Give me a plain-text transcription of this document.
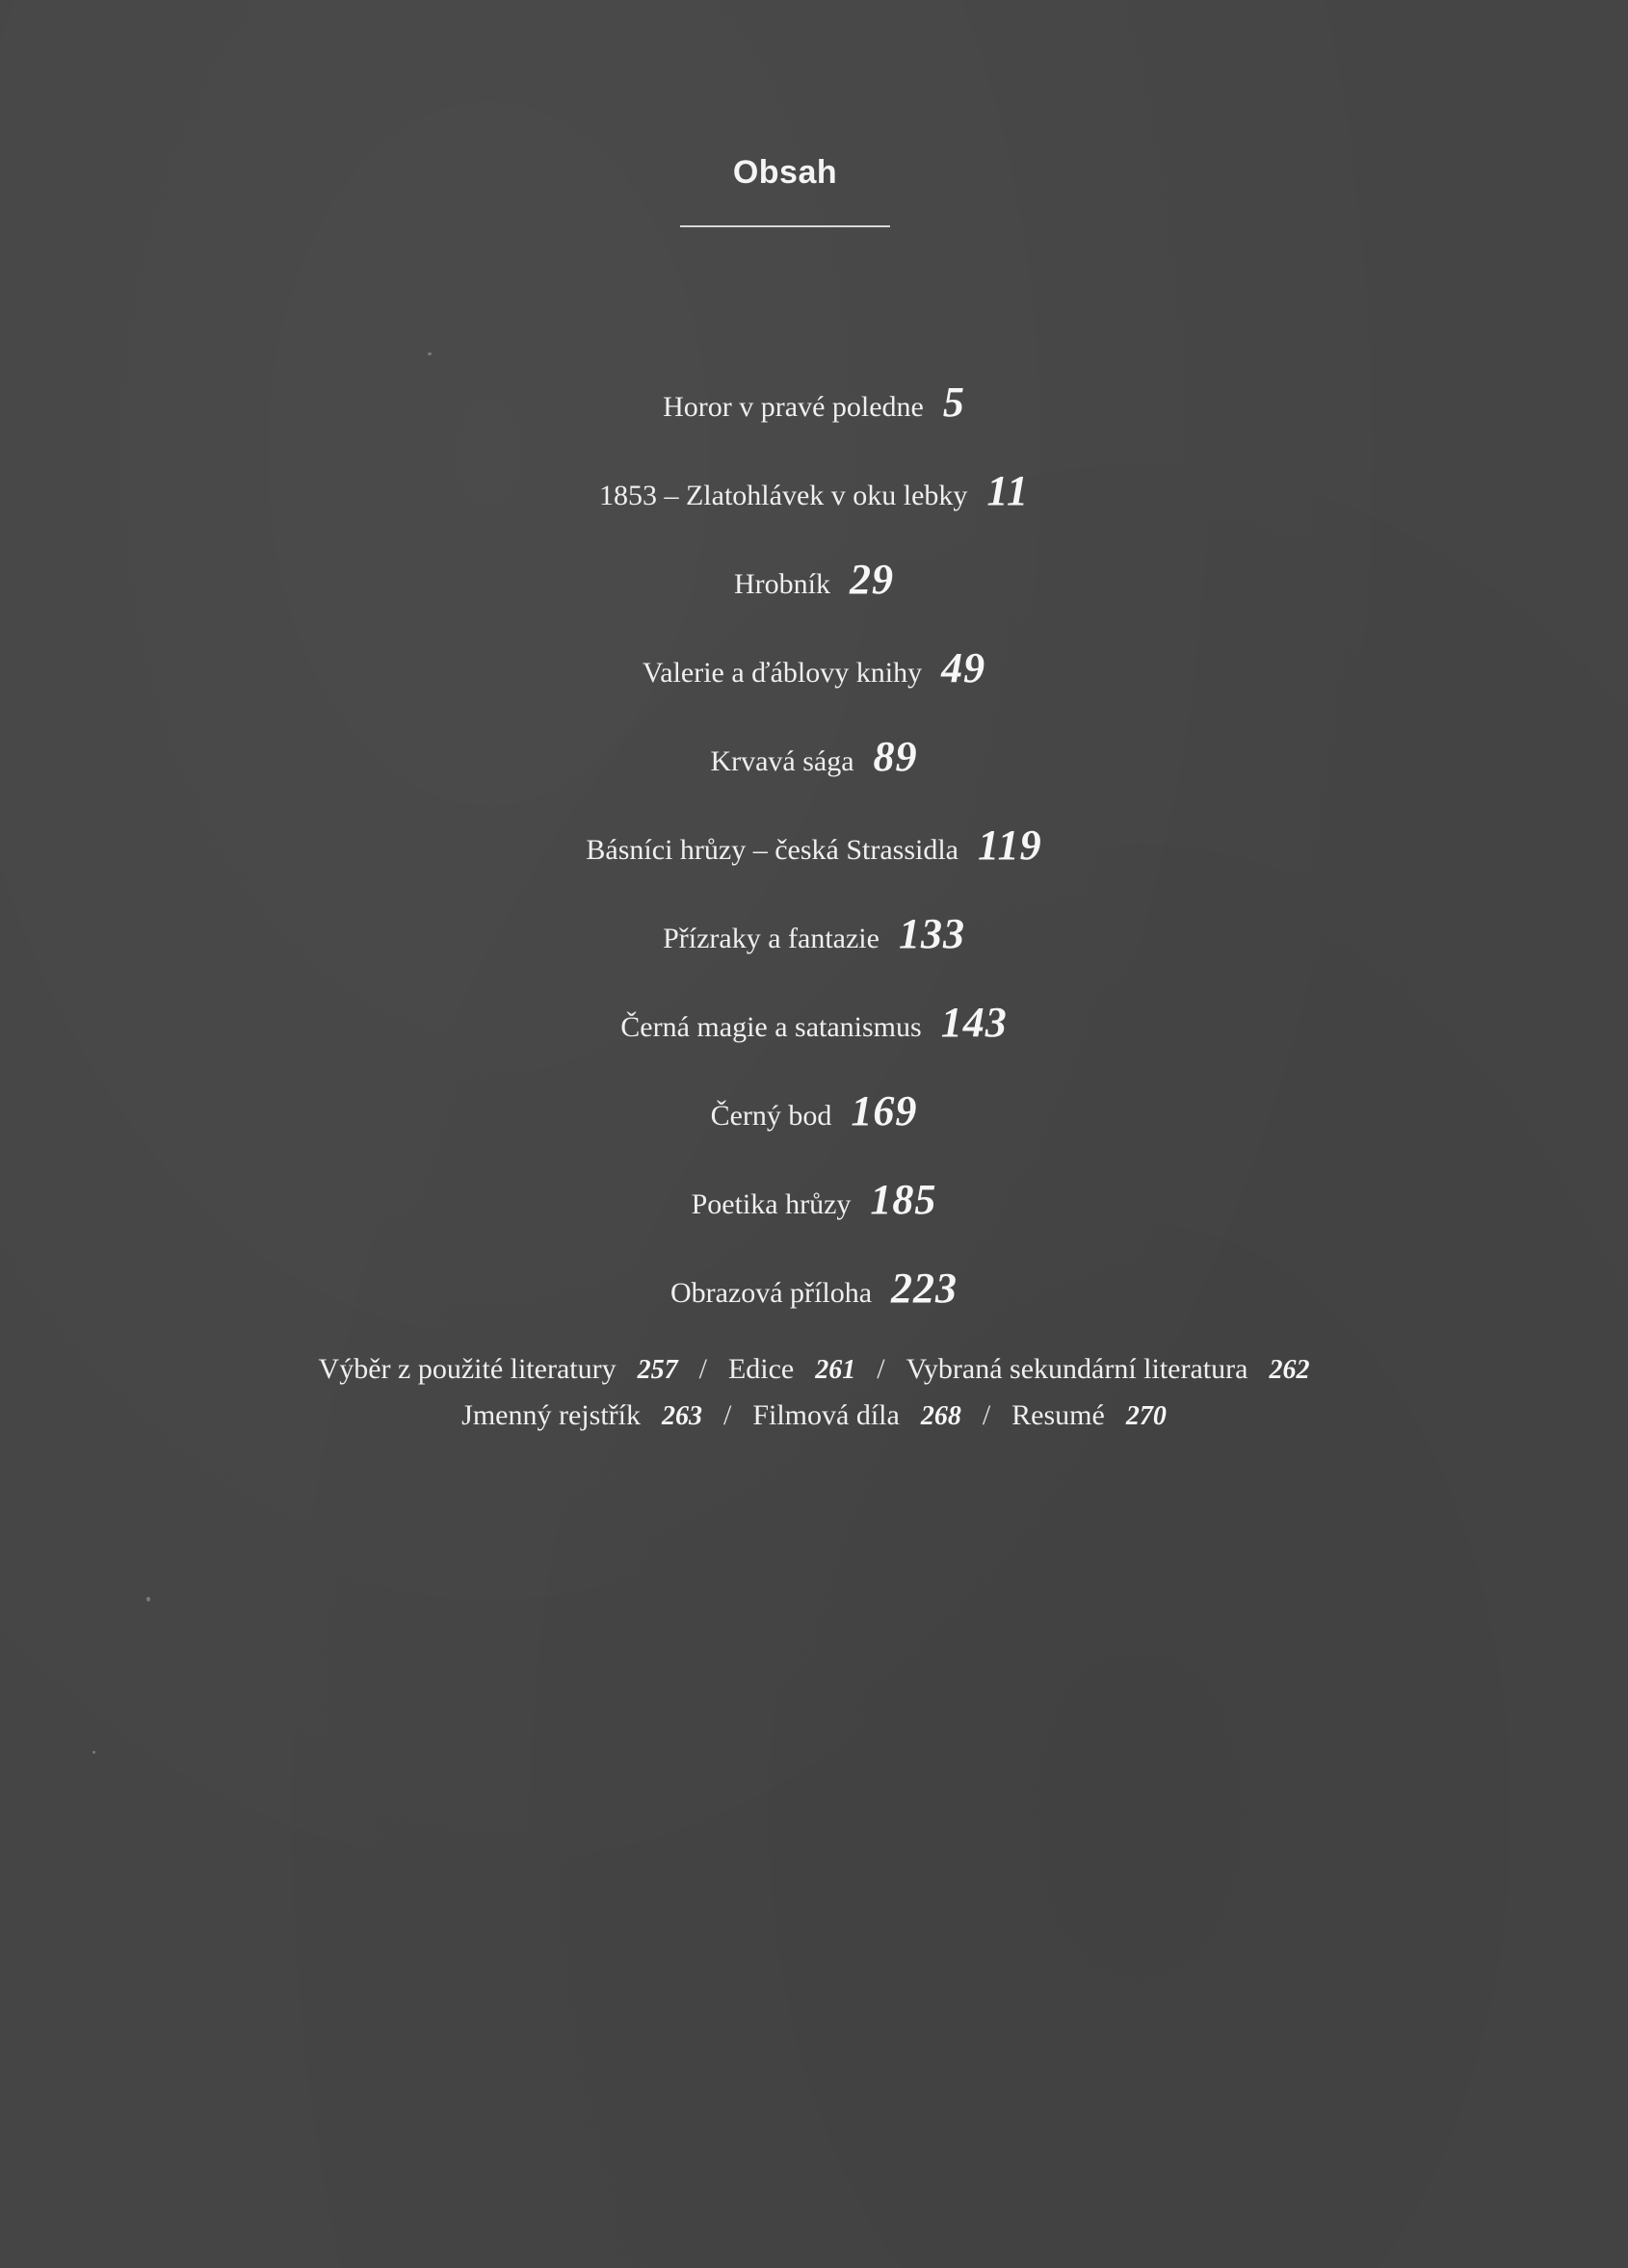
Obsah
Horor v pravé poledne 5
1853 – Zlatohlávek v oku lebky 11
Hrobník 29
Valerie a ďáblovy knihy 49
Krvavá sága 89
Básníci hrůzy – česká Strassidla 119
Přízraky a fantazie 133
Černá magie a satanismus 143
Černý bod 169
Poetika hrůzy 185
Obrazová příloha 223
Výběr z použité literatury 257 / Edice 261 / Vybraná sekundární literatura 262
Jmenný rejstřík 263 / Filmová díla 268 / Resumé 270
